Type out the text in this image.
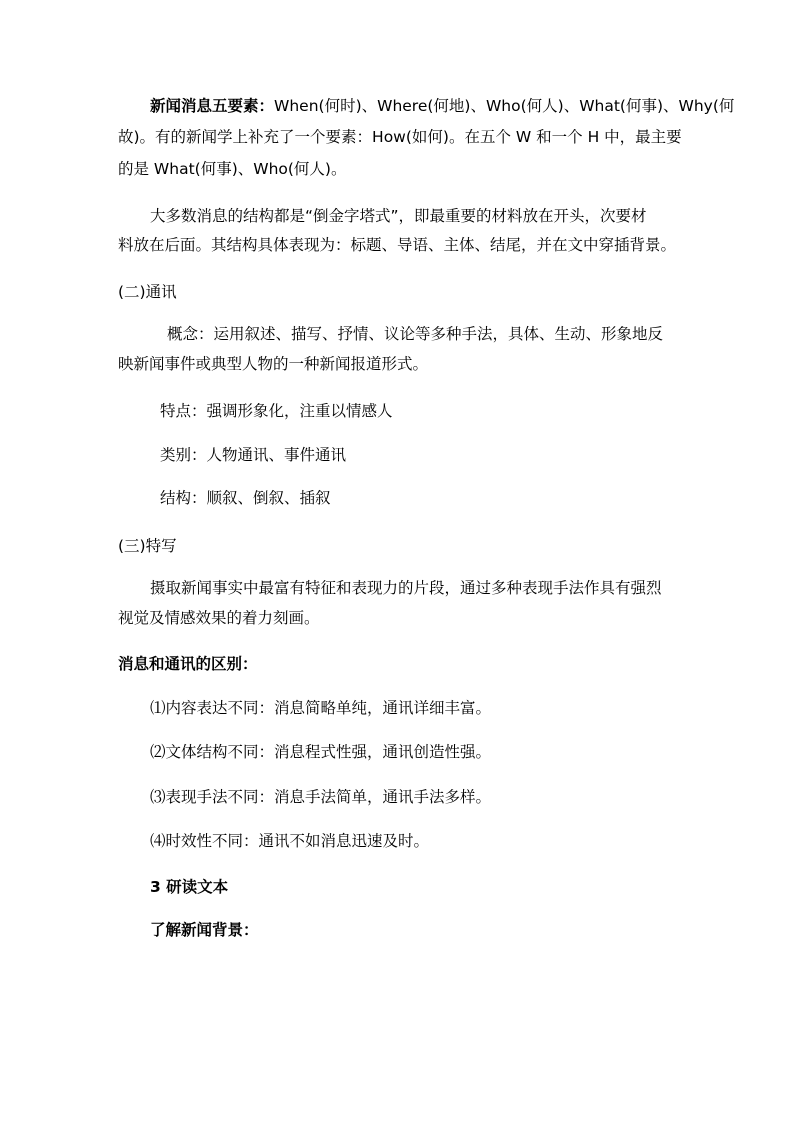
新闻消息五要素：When(何时)、Where(何地)、Who(何人)、What(何事)、Why(何
故)。有的新闻学上补充了一个要素：How(如何)。在五个 W 和一个 H 中，最主要
的是 What(何事)、Who(何人)。
大多数消息的结构都是“倒金字塔式”，即最重要的材料放在开头，次要材
料放在后面。其结构具体表现为：标题、导语、主体、结尾，并在文中穿插背景。
(二)通讯
概念：运用叙述、描写、抒情、议论等多种手法，具体、生动、形象地反
映新闻事件或典型人物的一种新闻报道形式。
特点：强调形象化，注重以情感人
类别：人物通讯、事件通讯
结构：顺叙、倒叙、插叙
(三)特写
摄取新闻事实中最富有特征和表现力的片段，通过多种表现手法作具有强烈
视觉及情感效果的着力刻画。
消息和通讯的区别：
⑴内容表达不同：消息简略单纯，通讯详细丰富。
⑵文体结构不同：消息程式性强，通讯创造性强。
⑶表现手法不同：消息手法简单，通讯手法多样。
⑷时效性不同：通讯不如消息迅速及时。
3 研读文本
了解新闻背景：
